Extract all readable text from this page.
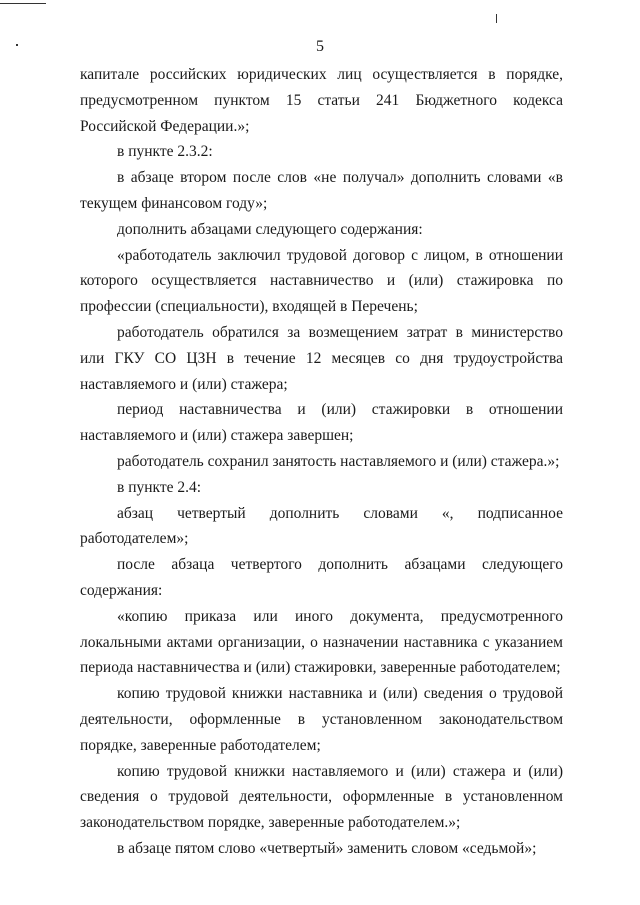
5

капитале российских юридических лиц осуществляется в порядке, предусмотренном пунктом 15 статьи 241 Бюджетного кодекса Российской Федерации.»;

в пункте 2.3.2:

в абзаце втором после слов «не получал» дополнить словами «в текущем финансовом году»;

дополнить абзацами следующего содержания:

«работодатель заключил трудовой договор с лицом, в отношении которого осуществляется наставничество и (или) стажировка по профессии (специальности), входящей в Перечень;

работодатель обратился за возмещением затрат в министерство или ГКУ СО ЦЗН в течение 12 месяцев со дня трудоустройства наставляемого и (или) стажера;

период наставничества и (или) стажировки в отношении наставляемого и (или) стажера завершен;

работодатель сохранил занятость наставляемого и (или) стажера.»;

в пункте 2.4:

абзац четвертый дополнить словами «, подписанное работодателем»;

после абзаца четвертого дополнить абзацами следующего содержания:

«копию приказа или иного документа, предусмотренного локальными актами организации, о назначении наставника с указанием периода наставничества и (или) стажировки, заверенные работодателем;

копию трудовой книжки наставника и (или) сведения о трудовой деятельности, оформленные в установленном законодательством порядке, заверенные работодателем;

копию трудовой книжки наставляемого и (или) стажера и (или) сведения о трудовой деятельности, оформленные в установленном законодательством порядке, заверенные работодателем.»;

в абзаце пятом слово «четвертый» заменить словом «седьмой»;
